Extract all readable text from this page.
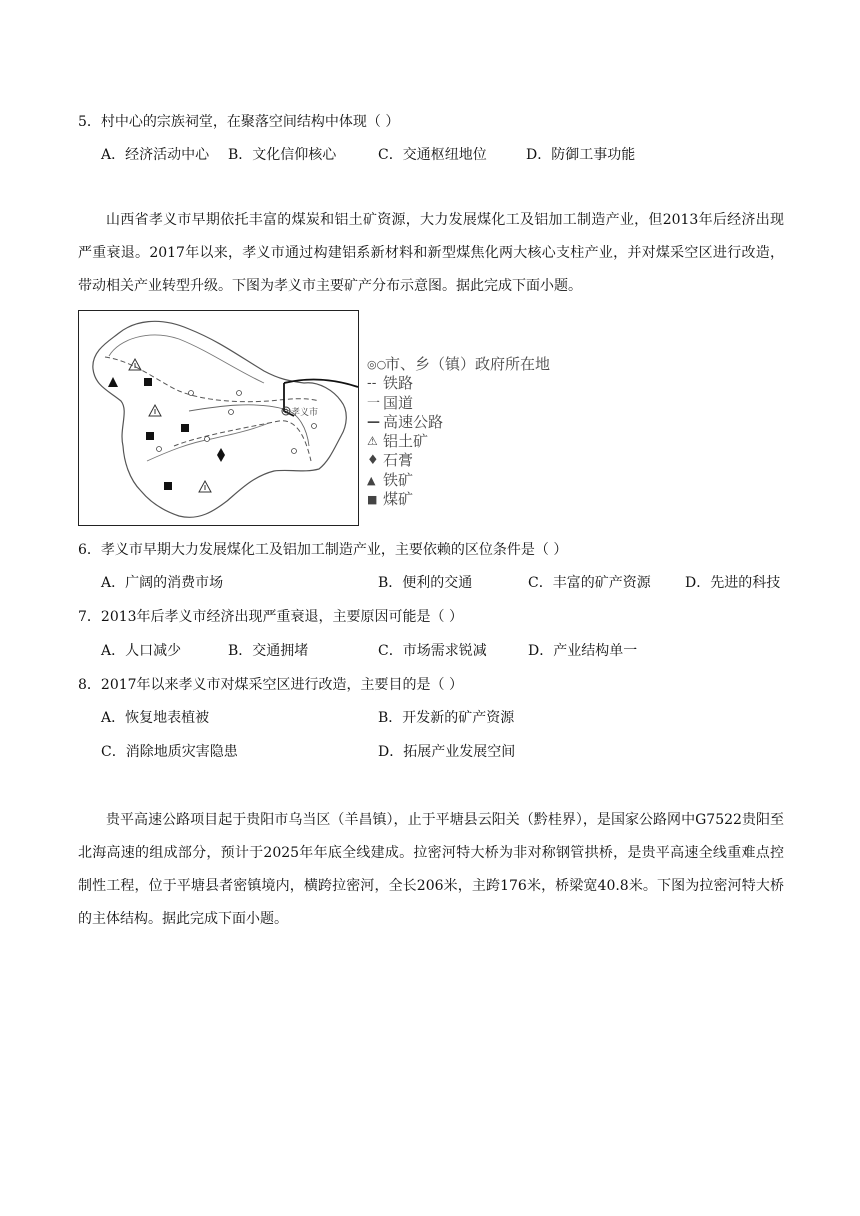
5．村中心的宗族祠堂，在聚落空间结构中体现（ ）
A．经济活动中心 B．文化信仰核心	C．交通枢纽地位	D．防御工事功能
山西省孝义市早期依托丰富的煤炭和铝土矿资源，大力发展煤化工及铝加工制造产业，但2013年后经济出现严重衰退。2017年以来，孝义市通过构建铝系新材料和新型煤焦化两大核心支柱产业，并对煤采空区进行改造，带动相关产业转型升级。下图为孝义市主要矿产分布示意图。据此完成下面小题。
孝义市
◎○
市、乡（镇）政府所在地
-- 铁路
一 国道
— 高速公路
⚠ 铝土矿
♦ 石膏
▲ 铁矿
■ 煤矿
6．孝义市早期大力发展煤化工及铝加工制造产业，主要依赖的区位条件是（ ）
A．广阔的消费市场	B．便利的交通	C．丰富的矿产资源 D．先进的科技
7．2013年后孝义市经济出现严重衰退，主要原因可能是（ ）
A．人口减少	B．交通拥堵	C．市场需求锐减	D．产业结构单一
8．2017年以来孝义市对煤采空区进行改造，主要目的是（ ）
A．恢复地表植被	B．开发新的矿产资源
C．消除地质灾害隐患	D．拓展产业发展空间
贵平高速公路项目起于贵阳市乌当区（羊昌镇），止于平塘县云阳关（黔桂界），是国家公路网中G7522贵阳至北海高速的组成部分，预计于2025年年底全线建成。拉密河特大桥为非对称钢管拱桥，是贵平高速全线重难点控制性工程，位于平塘县者密镇境内，横跨拉密河，全长206米，主跨176米，桥梁宽40.8米。下图为拉密河特大桥的主体结构。据此完成下面小题。
